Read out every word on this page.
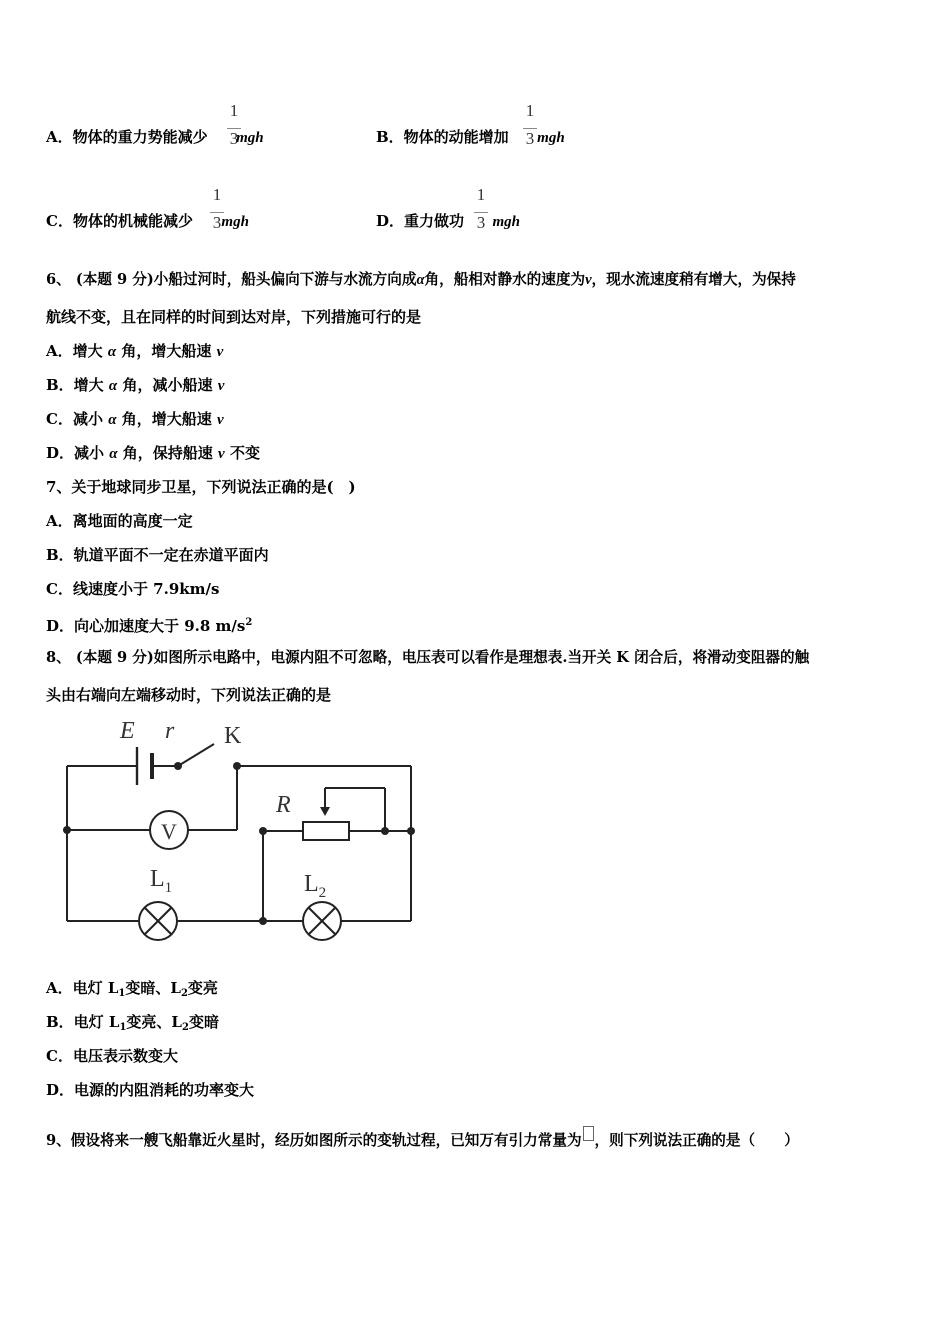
1
3
A．物体的重力势能减少 mgh
1
3
B．物体的动能增加 mgh
1
3
C．物体的机械能减少 mgh
1
3
D．重力做功 mgh
6、 (本题 9 分)小船过河时，船头偏向下游与水流方向成α角，船相对静水的速度为v，现水流速度稍有增大，为保持
航线不变，且在同样的时间到达对岸，下列措施可行的是
A．增大 α 角，增大船速 v
B．增大 α 角，减小船速 v
C．减小 α 角，增大船速 v
D．减小 α 角，保持船速 v 不变
7、关于地球同步卫星，下列说法正确的是(　)
A．离地面的高度一定
B．轨道平面不一定在赤道平面内
C．线速度小于 7.9km/s
D．向心加速度大于 9.8 $m/s^2$
8、 (本题 9 分)如图所示电路中，电源内阻不可忽略，电压表可以看作是理想表.当开关 K 闭合后，将滑动变阻器的触
头由右端向左端移动时，下列说法正确的是
E r K
R
V
$L_1$	$L_2$
A．电灯 $L_1$变暗、$L_2$变亮
B．电灯 $L_1$变亮、$L_2$变暗
C．电压表示数变大
D．电源的内阻消耗的功率变大
9、假设将来一艘飞船靠近火星时，经历如图所示的变轨过程，已知万有引力常量为 ，则下列说法正确的是（　　）
